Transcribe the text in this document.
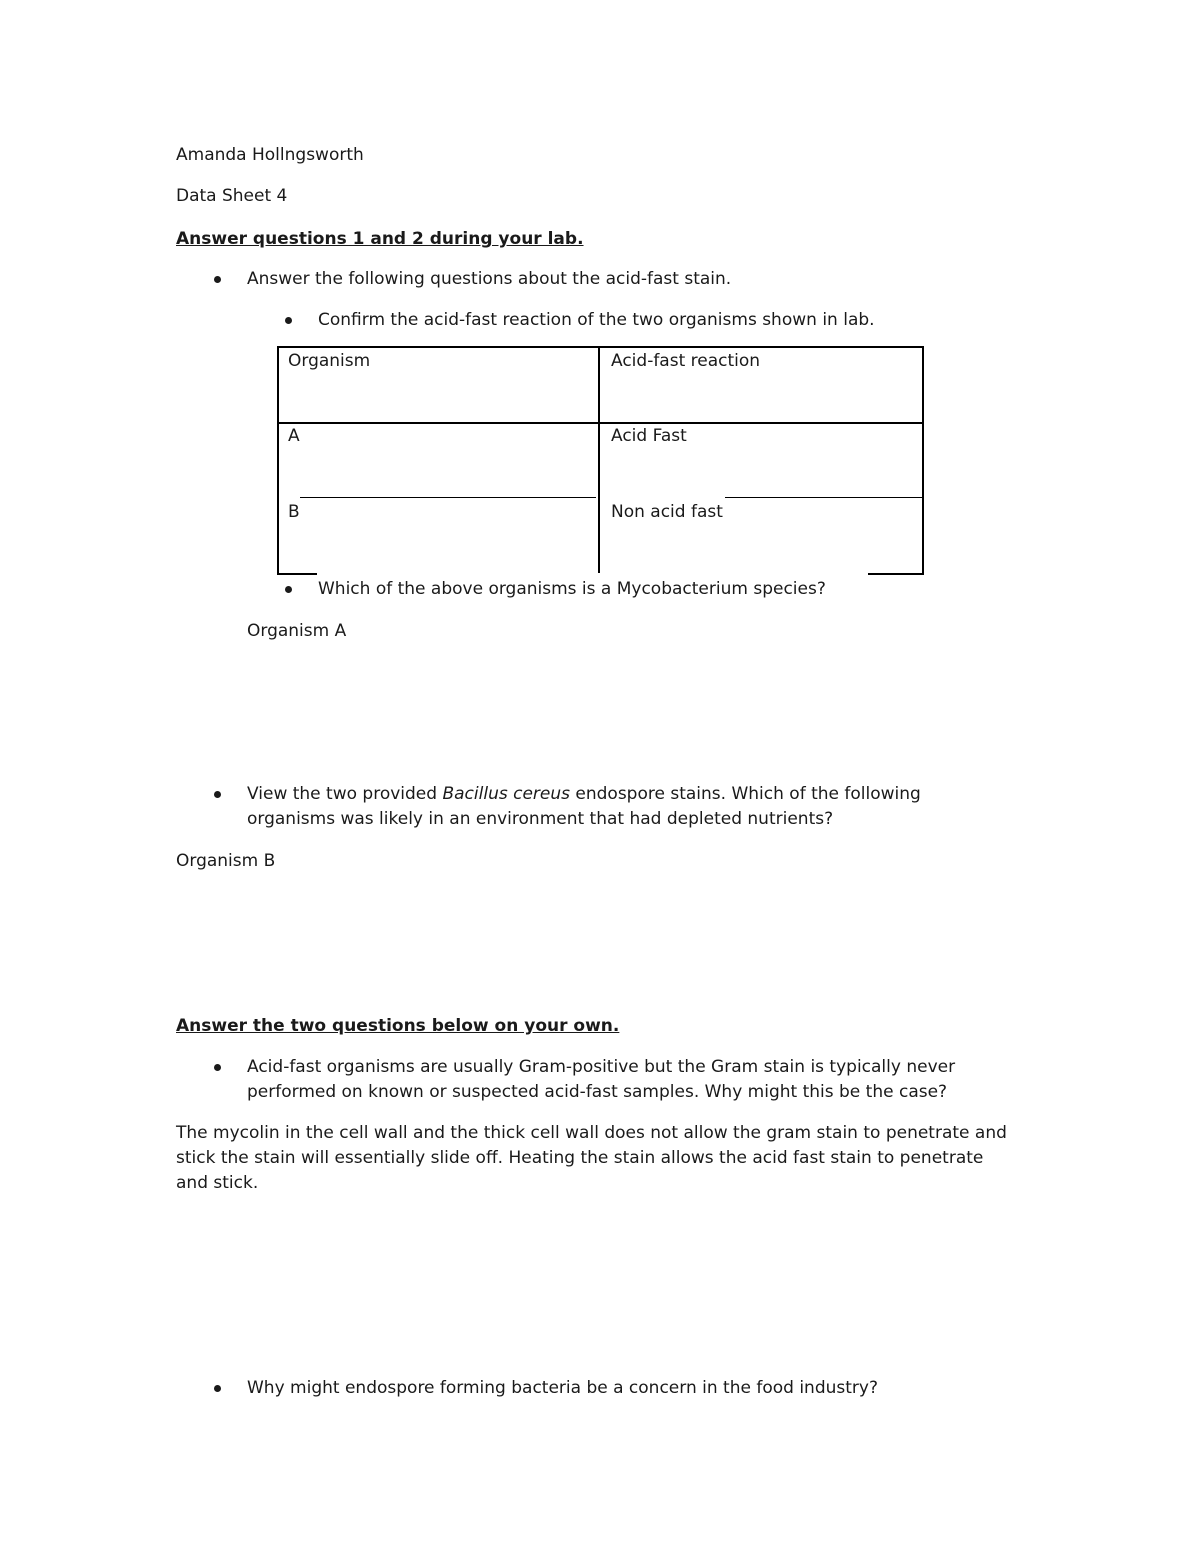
Amanda Hollngsworth
Data Sheet 4
Answer questions 1 and 2 during your lab.
Answer the following questions about the acid-fast stain.
Confirm the acid-fast reaction of the two organisms shown in lab.
Organism	Acid-fast reaction
A	Acid Fast
B	Non acid fast
Which of the above organisms is a Mycobacterium species?
Organism A
View the two provided Bacillus cereus endospore stains. Which of the following
organisms was likely in an environment that had depleted nutrients?
Organism B
Answer the two questions below on your own.
Acid-fast organisms are usually Gram-positive but the Gram stain is typically never
performed on known or suspected acid-fast samples. Why might this be the case?
The mycolin in the cell wall and the thick cell wall does not allow the gram stain to penetrate and
stick the stain will essentially slide off. Heating the stain allows the acid fast stain to penetrate
and stick.
Why might endospore forming bacteria be a concern in the food industry?
